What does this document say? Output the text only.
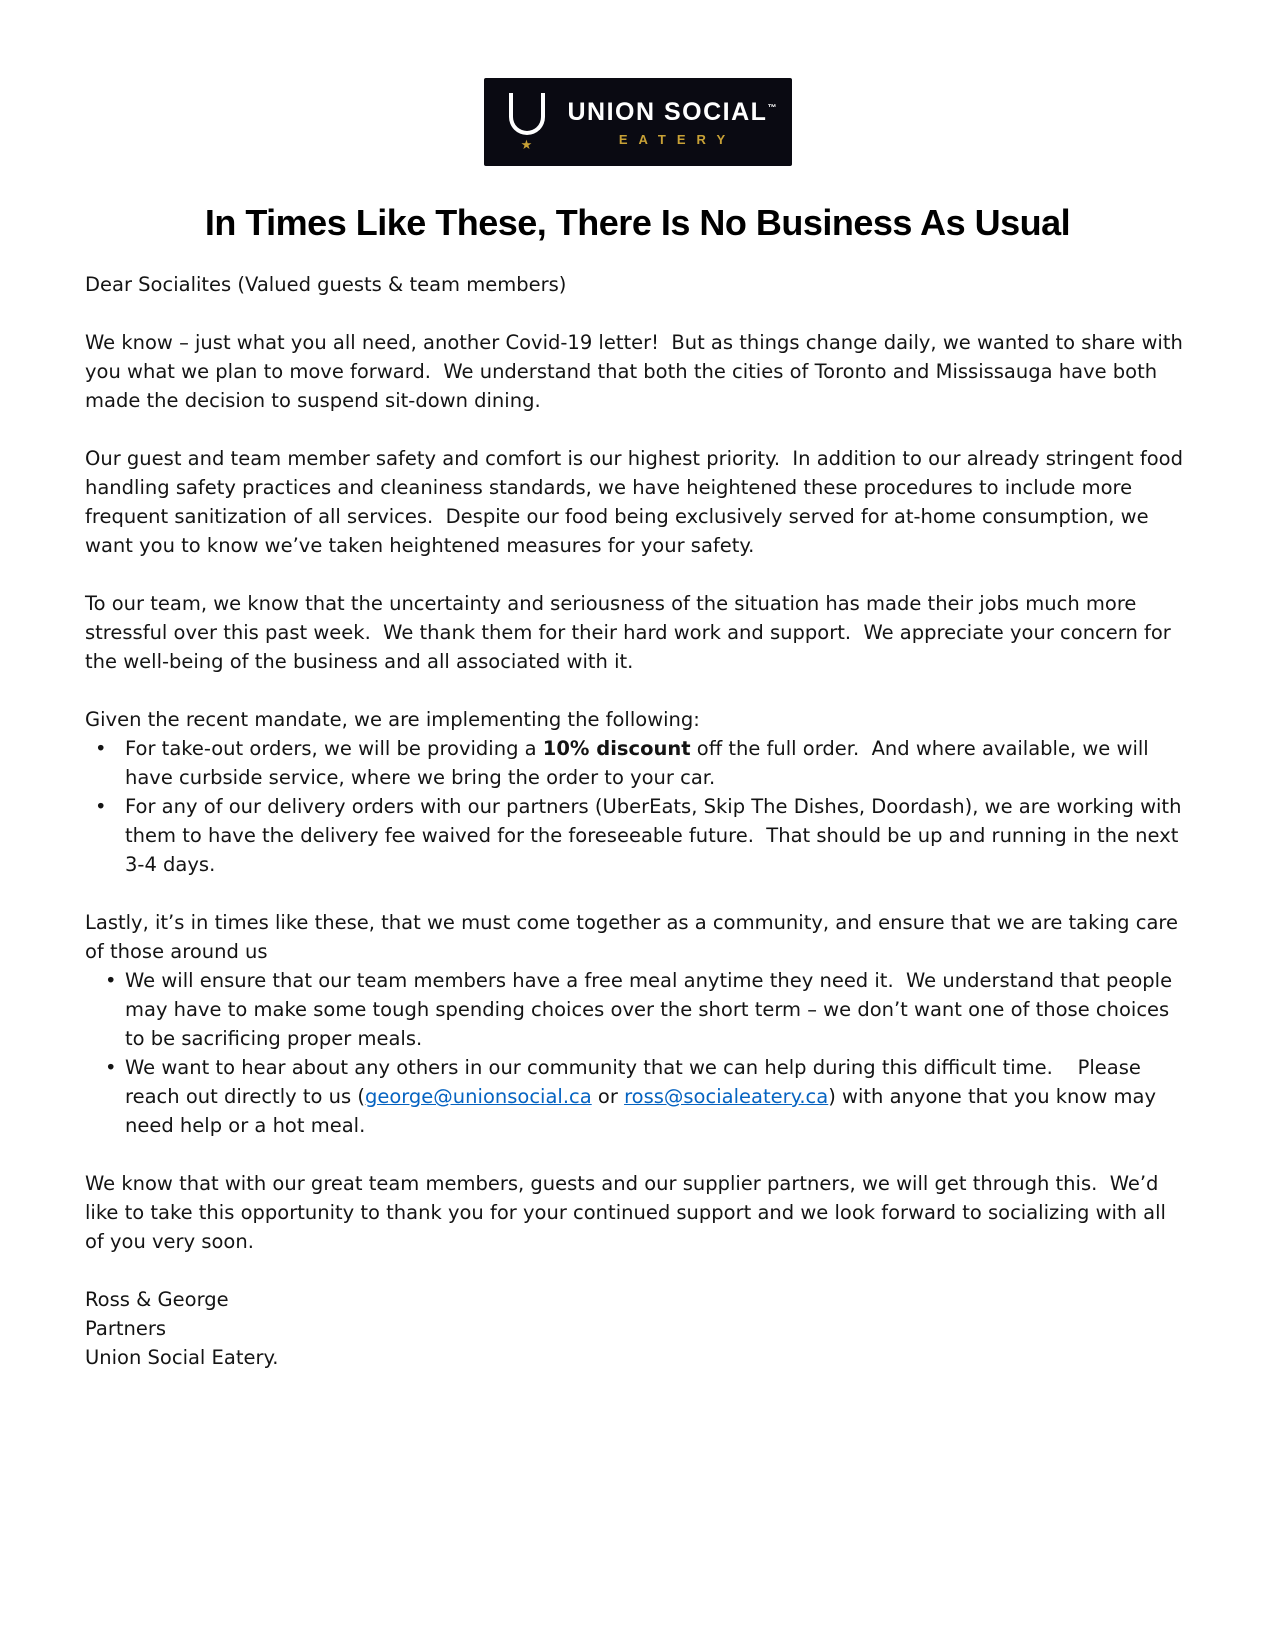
★
UNION SOCIAL™
EATERY
In Times Like These, There Is No Business As Usual

Dear Socialites (Valued guests & team members)

We know – just what you all need, another Covid-19 letter!  But as things change daily, we wanted to share with you what we plan to move forward.  We understand that both the cities of Toronto and Mississauga have both made the decision to suspend sit-down dining.

Our guest and team member safety and comfort is our highest priority.  In addition to our already stringent food handling safety practices and cleaniness standards, we have heightened these procedures to include more frequent sanitization of all services.  Despite our food being exclusively served for at-home consumption, we want you to know we’ve taken heightened measures for your safety.

To our team, we know that the uncertainty and seriousness of the situation has made their jobs much more stressful over this past week.  We thank them for their hard work and support.  We appreciate your concern for the well-being of the business and all associated with it.

Given the recent mandate, we are implementing the following:

• For take-out orders, we will be providing a 10% discount off the full order.  And where available, we will have curbside service, where we bring the order to your car.
• For any of our delivery orders with our partners (UberEats, Skip The Dishes, Doordash), we are working with them to have the delivery fee waived for the foreseeable future.  That should be up and running in the next 3-4 days.

Lastly, it’s in times like these, that we must come together as a community, and ensure that we are taking care of those around us

• We will ensure that our team members have a free meal anytime they need it.  We understand that people may have to make some tough spending choices over the short term – we don’t want one of those choices to be sacrificing proper meals.
• We want to hear about any others in our community that we can help during this difficult time.    Please reach out directly to us (george@unionsocial.ca or ross@socialeatery.ca) with anyone that you know may need help or a hot meal.

We know that with our great team members, guests and our supplier partners, we will get through this.  We’d like to take this opportunity to thank you for your continued support and we look forward to socializing with all of you very soon.

Ross & George

Partners

Union Social Eatery.
